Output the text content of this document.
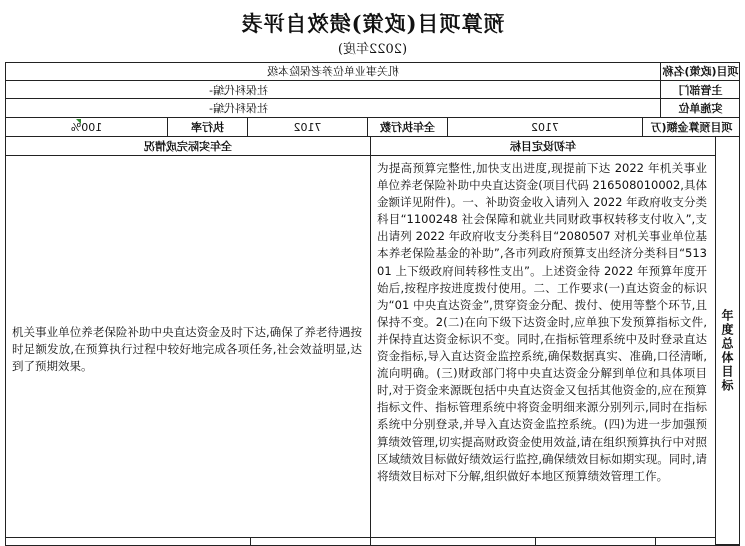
预算项目(政策)绩效自评表
(2022年度)
项目(政策)名称
机关事业单位养老保险本级
主管部门
社保科代编-
实施单位
社保科代编-
项目预算金额(万
7102
全年执行数
7102
执行率
100%
年初设定目标
全年实际完成情况
年度总体目标
为提高预算完整性,加快支出进度,现提前下达 2022 年机关事业单位养老保险补助中央直达资金(项目代码 216508010002,具体金额详见附件)。一、补助资金收入请列入 2022 年政府收支分类科目“1100248 社会保障和就业共同财政事权转移支付收入”,支出请列 2022 年政府收支分类科目“2080507 对机关事业单位基本养老保险基金的补助”,各市列政府预算支出经济分类科目“51301 上下级政府间转移性支出”。上述资金待 2022 年预算年度开始后,按程序按进度拨付使用。二、工作要求(一)直达资金的标识为“01 中央直达资金”,贯穿资金分配、拨付、使用等整个环节,且保持不变。2(二)在向下级下达资金时,应单独下发预算指标文件,并保持直达资金标识不变。同时,在指标管理系统中及时登录直达资金指标,导入直达资金监控系统,确保数据真实、准确,口径清晰,流向明确。(三)财政部门将中央直达资金分解到单位和具体项目时,对于资金来源既包括中央直达资金又包括其他资金的,应在预算指标文件、指标管理系统中将资金明细来源分别列示,同时在指标系统中分别登录,并导入直达资金监控系统。(四)为进一步加强预算绩效管理,切实提高财政资金使用效益,请在组织预算执行中对照区域绩效目标做好绩效运行监控,确保绩效目标如期实现。同时,请将绩效目标对下分解,组织做好本地区预算绩效管理工作。
机关事业单位养老保险补助中央直达资金及时下达,确保了养老待遇按时足额发放,在预算执行过程中较好地完成各项任务,社会效益明显,达到了预期效果。
